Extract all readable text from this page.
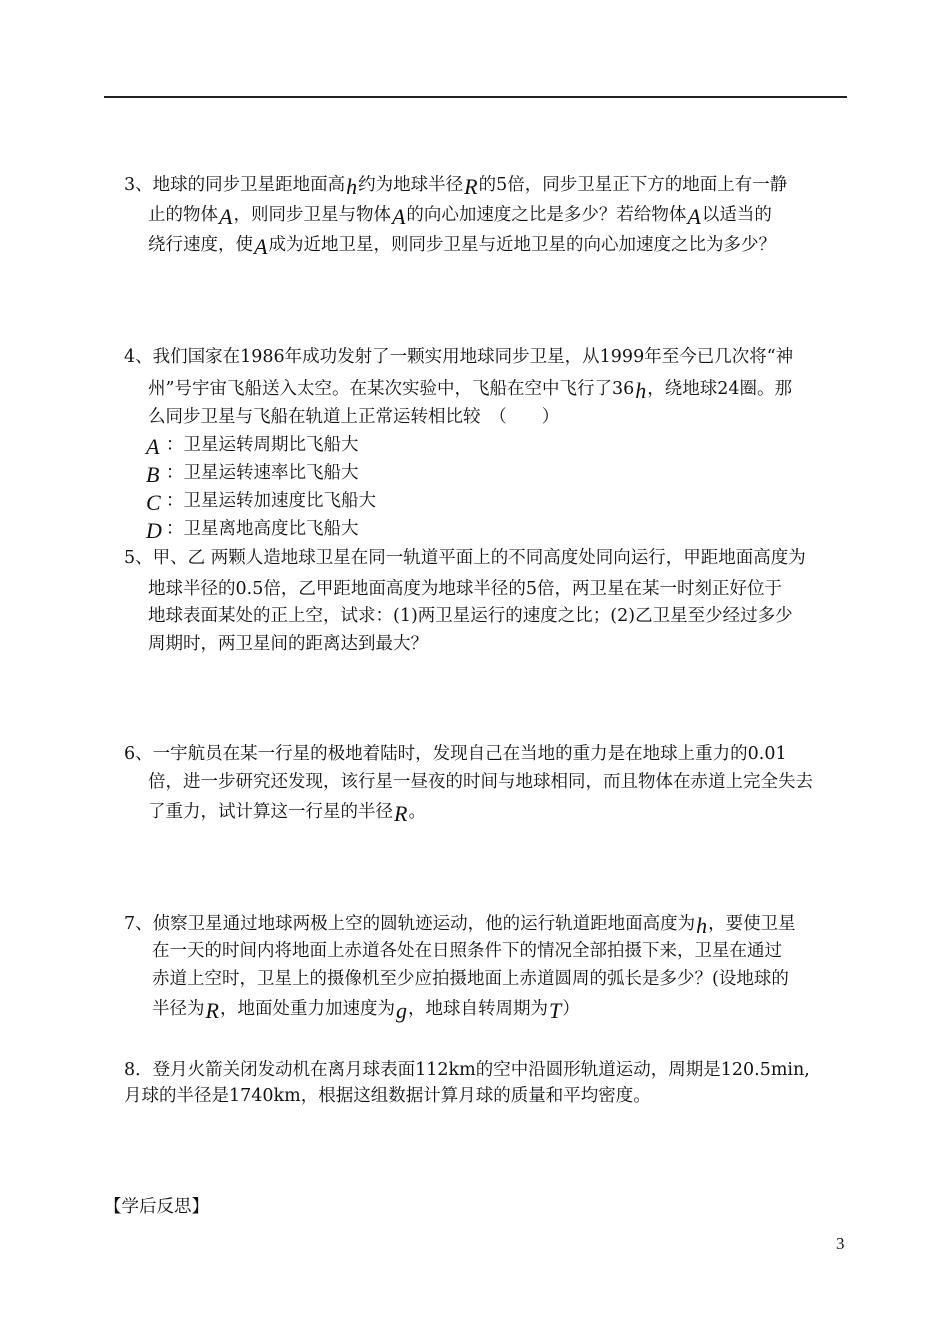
3、地球的同步卫星距地面高h约为地球半径R的5倍，同步卫星正下方的地面上有一静
止的物体A，则同步卫星与物体A的向心加速度之比是多少？若给物体A以适当的
绕行速度，使A成为近地卫星，则同步卫星与近地卫星的向心加速度之比为多少？
4、我们国家在1986年成功发射了一颗实用地球同步卫星，从1999年至今已几次将“神
州”号宇宙飞船送入太空。在某次实验中，飞船在空中飞行了36h，绕地球24圈。那
么同步卫星与飞船在轨道上正常运转相比较　（　　）
A ：卫星运转周期比飞船大
B ：卫星运转速率比飞船大
C ：卫星运转加速度比飞船大
D ：卫星离地高度比飞船大
5、甲、乙 两颗人造地球卫星在同一轨道平面上的不同高度处同向运行，甲距地面高度为
地球半径的0.5倍，乙甲距地面高度为地球半径的5倍，两卫星在某一时刻正好位于
地球表面某处的正上空，试求：(1)两卫星运行的速度之比；(2)乙卫星至少经过多少
周期时，两卫星间的距离达到最大？
6、一宇航员在某一行星的极地着陆时，发现自己在当地的重力是在地球上重力的0.01
倍，进一步研究还发现，该行星一昼夜的时间与地球相同，而且物体在赤道上完全失去
了重力，试计算这一行星的半径R。
7、侦察卫星通过地球两极上空的圆轨迹运动，他的运行轨道距地面高度为h，要使卫星
在一天的时间内将地面上赤道各处在日照条件下的情况全部拍摄下来，卫星在通过
赤道上空时，卫星上的摄像机至少应拍摄地面上赤道圆周的弧长是多少？(设地球的
半径为R，地面处重力加速度为g，地球自转周期为T）
8．登月火箭关闭发动机在离月球表面112km的空中沿圆形轨道运动，周期是120.5min,
月球的半径是1740km，根据这组数据计算月球的质量和平均密度。
【学后反思】
3
